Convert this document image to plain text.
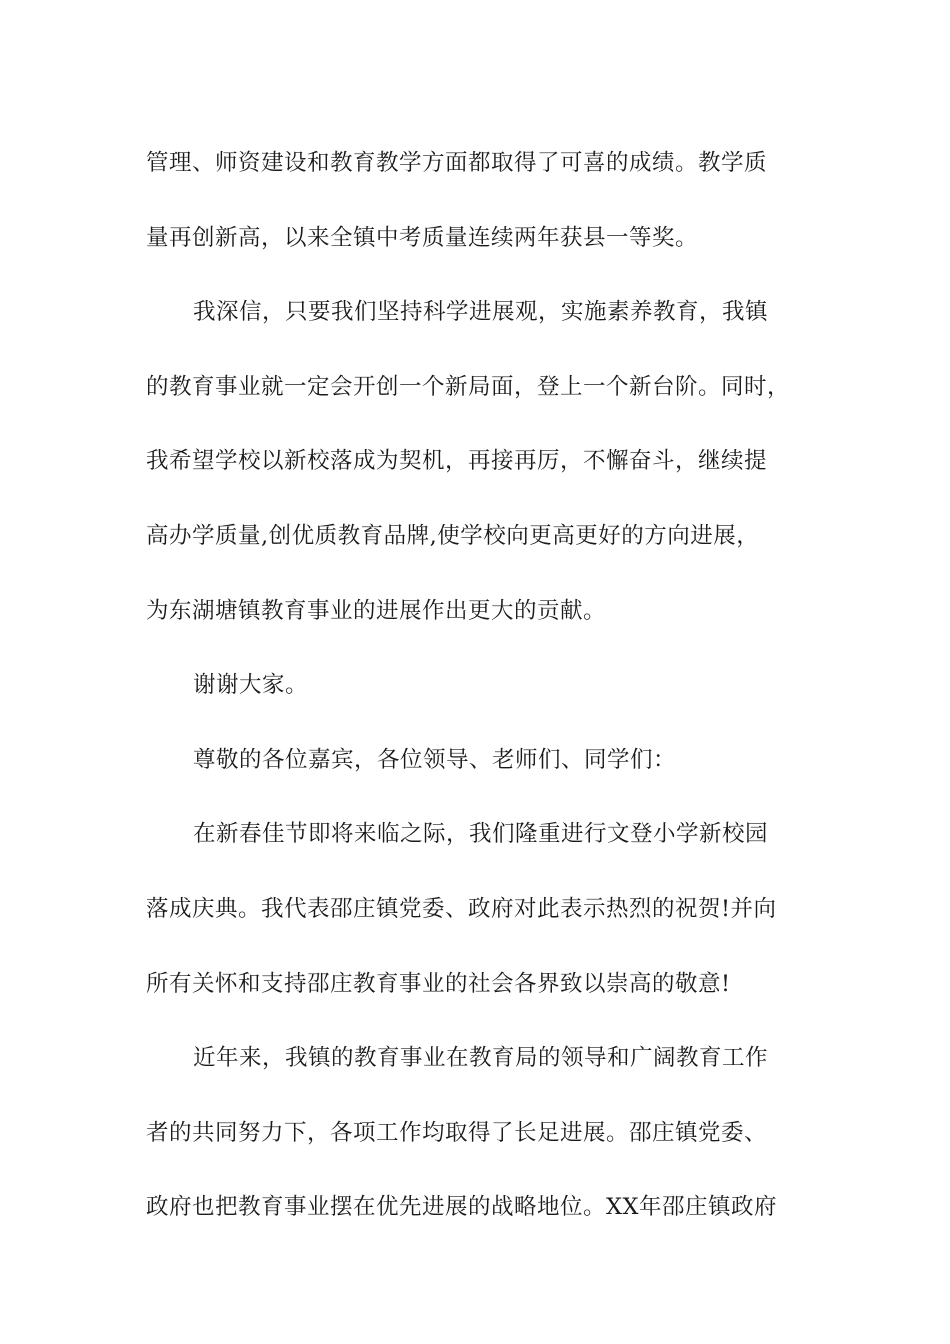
管理、师资建设和教育教学方面都取得了可喜的成绩。教学质
量再创新高，以来全镇中考质量连续两年获县一等奖。
我深信，只要我们坚持科学进展观，实施素养教育，我镇
的教育事业就一定会开创一个新局面，登上一个新台阶。同时，
我希望学校以新校落成为契机，再接再厉，不懈奋斗，继续提
高办学质量,创优质教育品牌,使学校向更高更好的方向进展，
为东湖塘镇教育事业的进展作出更大的贡献。
谢谢大家。
尊敬的各位嘉宾，各位领导、老师们、同学们：
在新春佳节即将来临之际，我们隆重进行文登小学新校园
落成庆典。我代表邵庄镇党委、政府对此表示热烈的祝贺!并向
所有关怀和支持邵庄教育事业的社会各界致以崇高的敬意!
近年来，我镇的教育事业在教育局的领导和广阔教育工作
者的共同努力下，各项工作均取得了长足进展。邵庄镇党委、
政府也把教育事业摆在优先进展的战略地位。XX年邵庄镇政府
